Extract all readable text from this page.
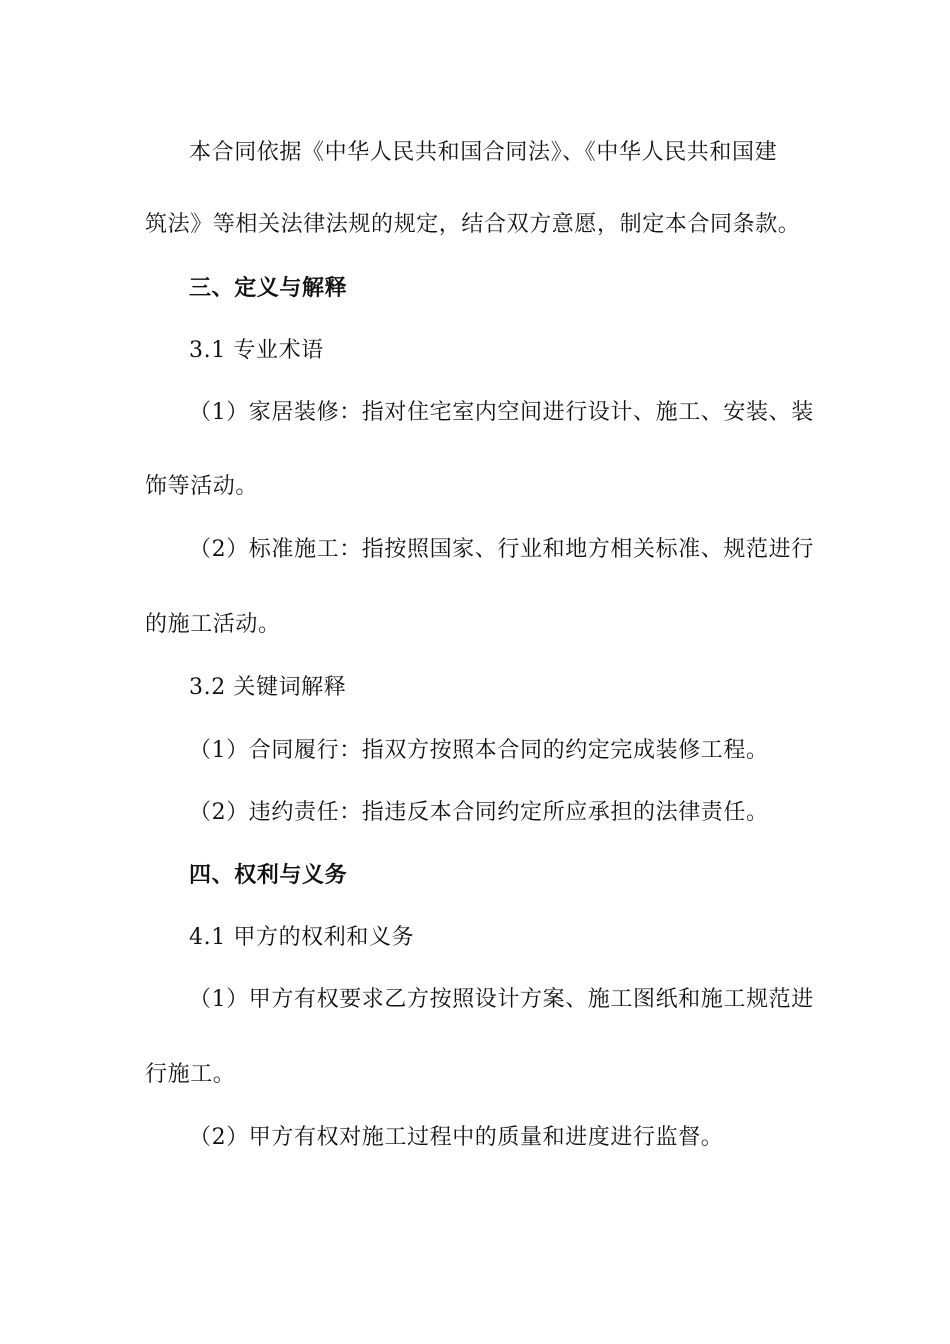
本合同依据《中华人民共和国合同法》、《中华人民共和国建
筑法》等相关法律法规的规定，结合双方意愿，制定本合同条款。
三、定义与解释
3.1 专业术语
（1）家居装修：指对住宅室内空间进行设计、施工、安装、装
饰等活动。
（2）标准施工：指按照国家、行业和地方相关标准、规范进行
的施工活动。
3.2 关键词解释
（1）合同履行：指双方按照本合同的约定完成装修工程。
（2）违约责任：指违反本合同约定所应承担的法律责任。
四、权利与义务
4.1 甲方的权利和义务
（1）甲方有权要求乙方按照设计方案、施工图纸和施工规范进
行施工。
（2）甲方有权对施工过程中的质量和进度进行监督。
